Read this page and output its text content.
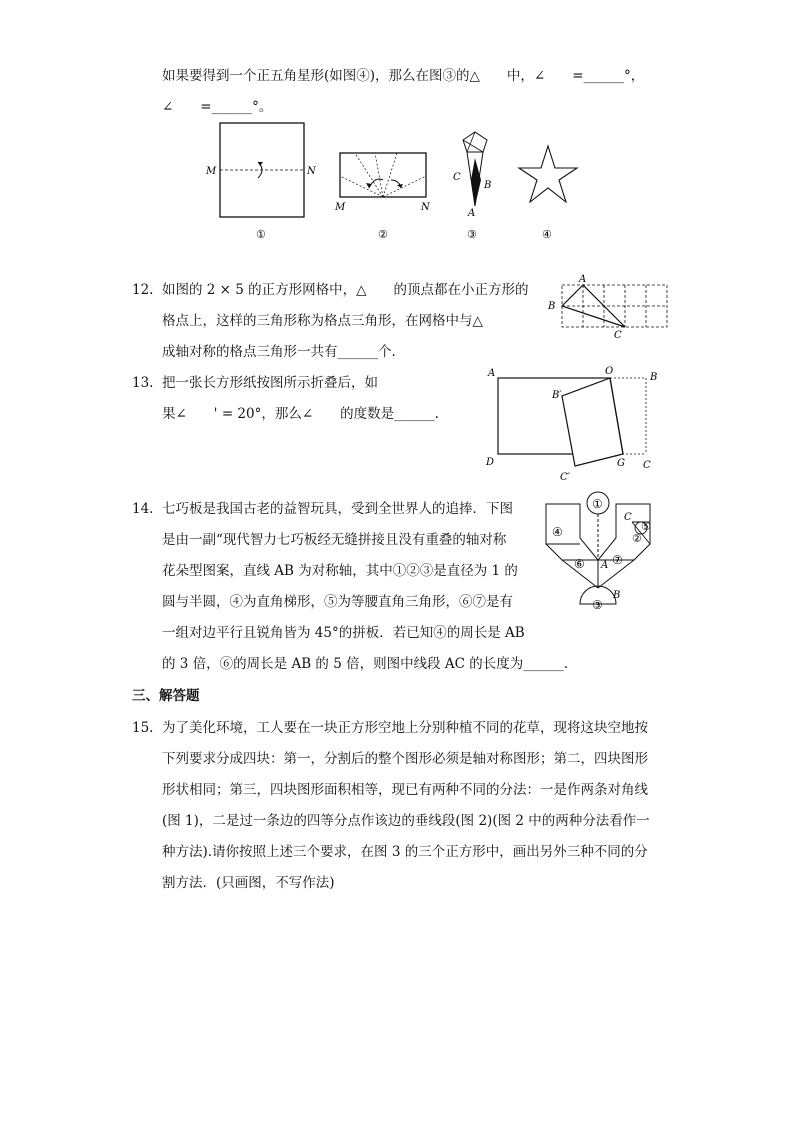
如果要得到一个正五角星形(如图④)，那么在图③的△　　中，∠　　=______°，
∠　　=______°。
M	N
①
M	N
②
C
B
A
③	④
12. 如图的 2 × 5 的正方形网格中，△　　的顶点都在小正方形的
格点上，这样的三角形称为格点三角形，在网格中与△
成轴对称的格点三角形一共有______个.
A
B
C
13. 把一张长方形纸按图所示折叠后，如
果∠　　' = 20°，那么∠　　的度数是______.
A	O
B
B′
D
C′
G C
14. 七巧板是我国古老的益智玩具，受到全世界人的追捧．下图
是由一副“现代智力七巧板经无缝拼接且没有重叠的轴对称
花朵型图案，直线 AB 为对称轴，其中①②③是直径为 1 的
圆与半圆，④为直角梯形，⑤为等腰直角三角形，⑥⑦是有
一组对边平行且锐角皆为 45°的拼板．若已知④的周长是 AB
的 3 倍，⑥的周长是 AB 的 5 倍，则图中线段 AC 的长度为______.
①
④	⑤
②
⑥ ⑦
③
A
B
C
三、解答题
15. 为了美化环境，工人要在一块正方形空地上分别种植不同的花草，现将这块空地按
下列要求分成四块：第一，分割后的整个图形必须是轴对称图形；第二，四块图形
形状相同；第三，四块图形面积相等，现已有两种不同的分法：一是作两条对角线
(图 1)，二是过一条边的四等分点作该边的垂线段(图 2)(图 2 中的两种分法看作一
种方法).请你按照上述三个要求，在图 3 的三个正方形中，画出另外三种不同的分
割方法．(只画图，不写作法)
